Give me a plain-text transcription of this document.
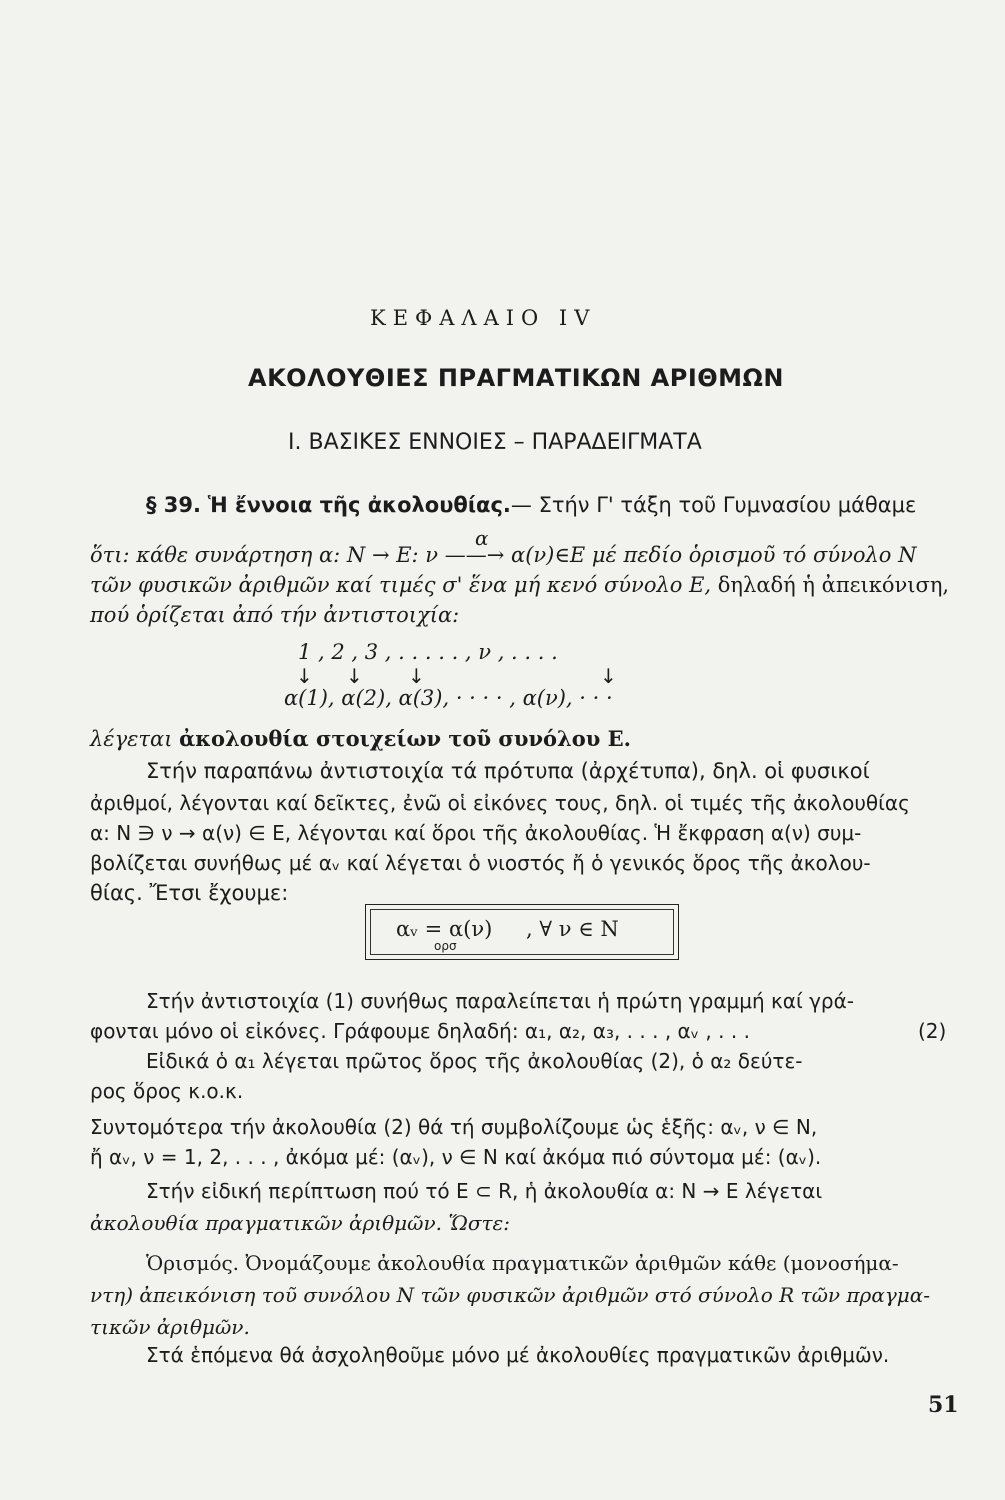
ΚΕΦΑΛΑΙΟ IV
ΑΚΟΛΟΥΘΙΕΣ ΠΡΑΓΜΑΤΙΚΩΝ ΑΡΙΘΜΩΝ
I. ΒΑΣΙΚΕΣ ΕΝΝΟΙΕΣ – ΠΑΡΑΔΕΙΓΜΑΤΑ
§ 39. Ἡ ἔννοια τῆς ἀκολουθίας.— Στήν Γ' τάξη τοῦ Γυμνασίου μάθαμε
α
ὅτι: κάθε συνάρτηση α: N → E: ν ——→ α(ν)∈E μέ πεδίο ὁρισμοῦ τό σύνολο N
τῶν φυσικῶν ἀριθμῶν καί τιμές σ' ἕνα μή κενό σύνολο E, δηλαδή ἡ ἀπεικόνιση,
πού ὁρίζεται ἀπό τήν ἀντιστοιχία:
1 , 2 , 3 , . . . . . , ν , . . . .
↓ ↓ ↓	↓
α(1), α(2), α(3), · · · · , α(ν), · · ·
λέγεται ἀκολουθία στοιχείων τοῦ συνόλου E.
Στήν παραπάνω ἀντιστοιχία τά πρότυπα (ἀρχέτυπα), δηλ. οἱ φυσικοί
ἀριθμοί, λέγονται καί δεῖκτες, ἐνῶ οἱ εἰκόνες τους, δηλ. οἱ τιμές τῆς ἀκολουθίας
α: N ∋ ν → α(ν) ∈ E, λέγονται καί ὅροι τῆς ἀκολουθίας. Ἡ ἔκφραση α(ν) συμ-
βολίζεται συνήθως μέ αᵥ καί λέγεται ὁ νιοστός ἤ ὁ γενικός ὅρος τῆς ἀκολου-
θίας. Ἔτσι ἔχουμε:
αᵥ = α(ν)
ορσ
, ∀ ν ∈ N
Στήν ἀντιστοιχία (1) συνήθως παραλείπεται ἡ πρώτη γραμμή καί γρά-
φονται μόνο οἱ εἰκόνες. Γράφουμε δηλαδή: α₁, α₂, α₃, . . . , αᵥ , . . .	(2)
Εἰδικά ὁ α₁ λέγεται πρῶτος ὅρος τῆς ἀκολουθίας (2), ὁ α₂ δεύτε-
ρος ὅρος κ.ο.κ.
Συντομότερα τήν ἀκολουθία (2) θά τή συμβολίζουμε ὡς ἑξῆς: αᵥ, ν ∈ N,
ἤ αᵥ, ν = 1, 2, . . . , ἀκόμα μέ: (αᵥ), ν ∈ N καί ἀκόμα πιό σύντομα μέ: (αᵥ).
Στήν εἰδική περίπτωση πού τό E ⊂ R, ἡ ἀκολουθία α: N → E λέγεται
ἀκολουθία πραγματικῶν ἀριθμῶν. Ὥστε:
Ὁρισμός. Ὀνομάζουμε ἀκολουθία πραγματικῶν ἀριθμῶν κάθε (μονοσήμα-
ντη) ἀπεικόνιση τοῦ συνόλου N τῶν φυσικῶν ἀριθμῶν στό σύνολο R τῶν πραγμα-
τικῶν ἀριθμῶν.
Στά ἑπόμενα θά ἀσχοληθοῦμε μόνο μέ ἀκολουθίες πραγματικῶν ἀριθμῶν.
51
